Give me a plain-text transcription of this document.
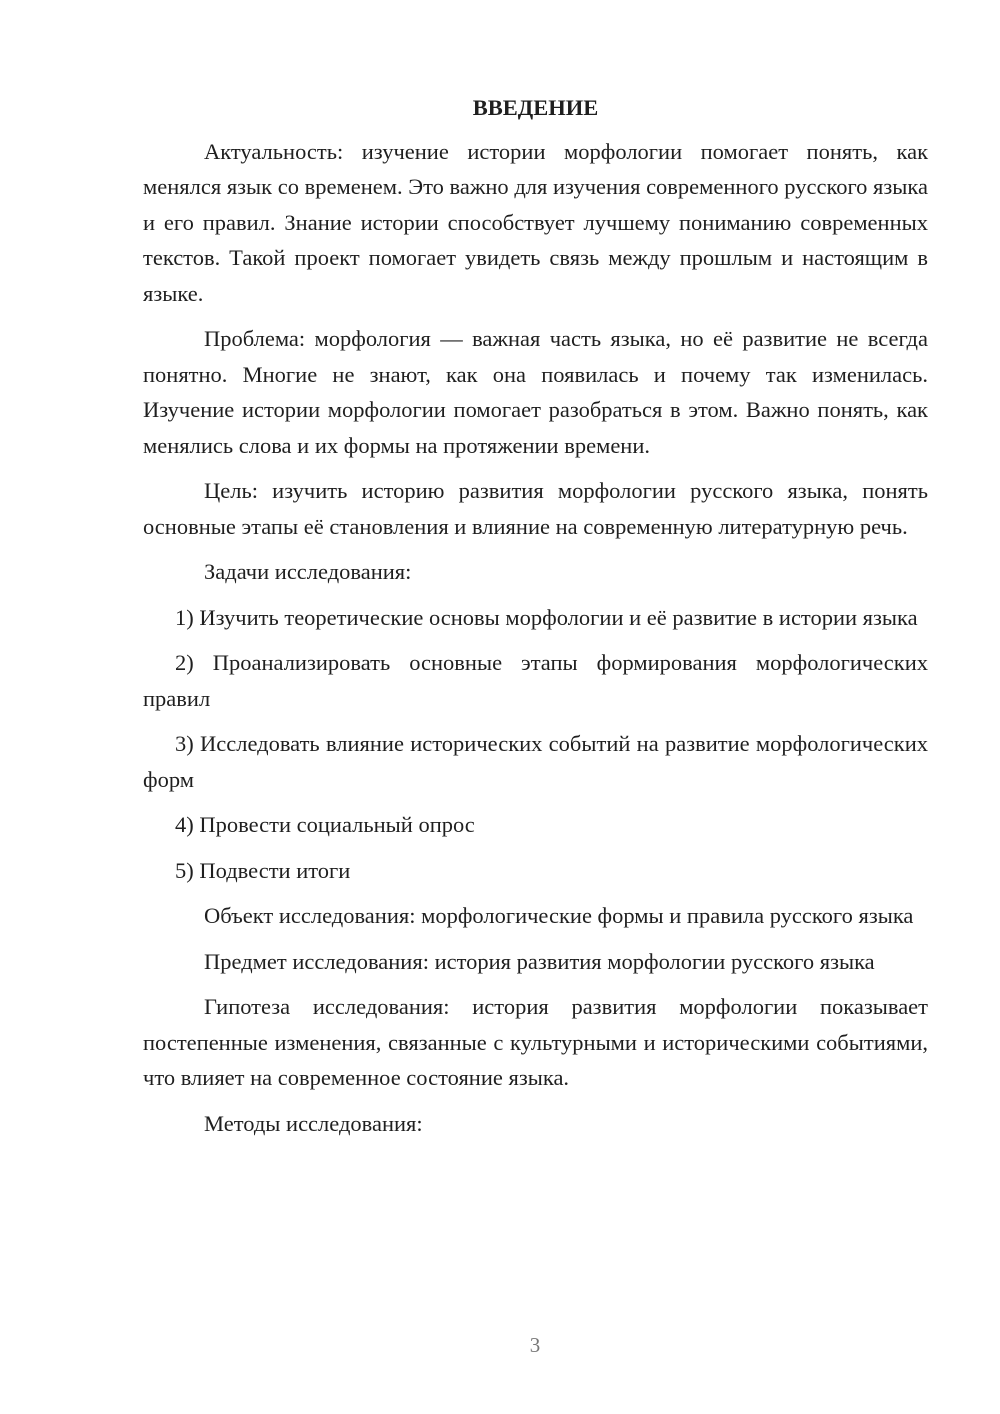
ВВЕДЕНИЕ

Актуальность: изучение истории морфологии помогает понять, как менялся язык со временем. Это важно для изучения современного русского языка и его правил. Знание истории способствует лучшему пониманию современных текстов. Такой проект помогает увидеть связь между прошлым и настоящим в языке.

Проблема: морфология — важная часть языка, но её развитие не всегда понятно. Многие не знают, как она появилась и почему так изменилась. Изучение истории морфологии помогает разобраться в этом. Важно понять, как менялись слова и их формы на протяжении времени.

Цель: изучить историю развития морфологии русского языка, понять основные этапы её становления и влияние на современную литературную речь.

Задачи исследования:

1) Изучить теоретические основы морфологии и её развитие в истории языка

2) Проанализировать основные этапы формирования морфологических правил

3) Исследовать влияние исторических событий на развитие морфологических форм

4) Провести социальный опрос

5) Подвести итоги

Объект исследования: морфологические формы и правила русского языка

Предмет исследования: история развития морфологии русского языка

Гипотеза исследования: история развития морфологии показывает постепенные изменения, связанные с культурными и историческими событиями, что влияет на современное состояние языка.

Методы исследования:

3
